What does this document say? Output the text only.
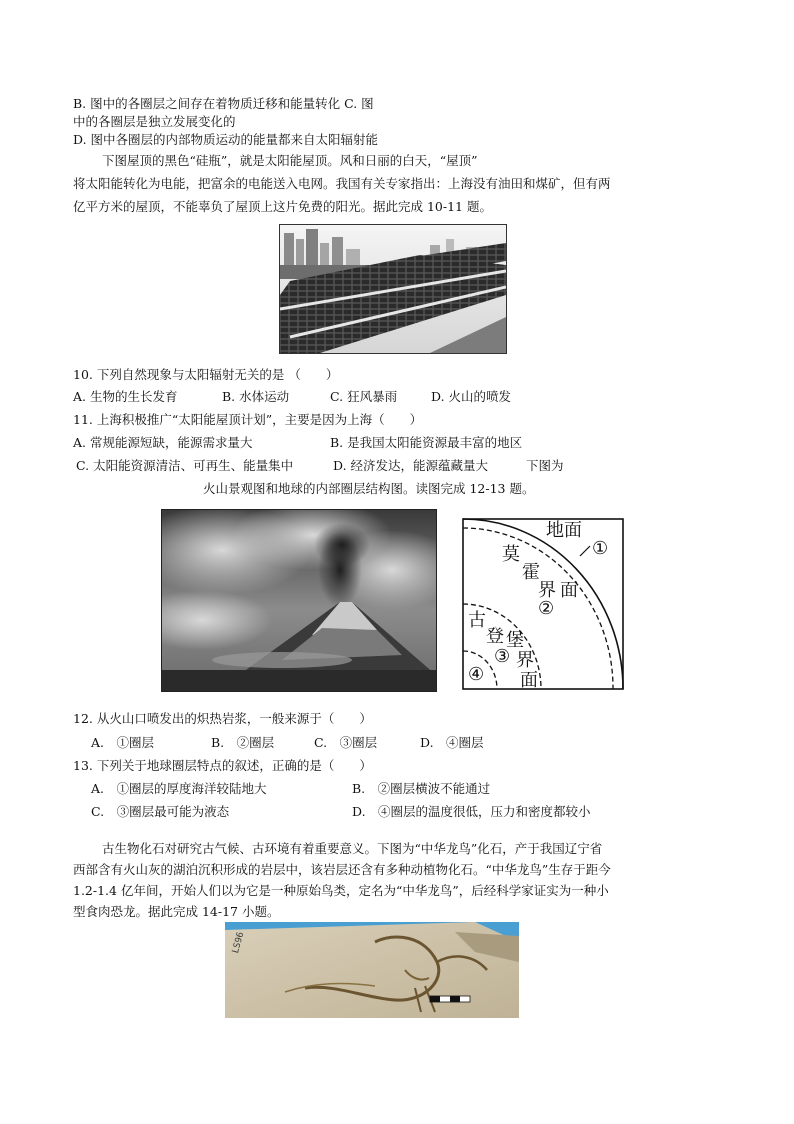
B. 图中的各圈层之间存在着物质迁移和能量转化 C. 图
中的各圈层是独立发展变化的
D. 图中各圈层的内部物质运动的能量都来自太阳辐射能
下图屋顶的黑色“硅瓶”，就是太阳能屋顶。风和日丽的白天，“屋顶”
将太阳能转化为电能，把富余的电能送入电网。我国有关专家指出：上海没有油田和煤矿，但有两
亿平方米的屋顶，不能辜负了屋顶上这片免费的阳光。据此完成 10-11 题。
10. 下列自然现象与太阳辐射无关的是 （　　）
A. 生物的生长发育	B. 水体运动	C. 狂风暴雨	D. 火山的喷发
11. 上海积极推广“太阳能屋顶计划”，主要是因为上海（　　）
A. 常规能源短缺，能源需求量大	B. 是我国太阳能资源最丰富的地区
C. 太阳能资源清洁、可再生、能量集中	D. 经济发达，能源蕴藏量大	下图为
火山景观图和地球的内部圈层结构图。读图完成 12-13 题。
地面
①
莫
霍
界 面
②
古
登 堡
界
面
③
④
12. 从火山口喷发出的炽热岩浆，一般来源于（　　）
A.　①圈层	B.　②圈层	C.　③圈层	D.　④圈层
13. 下列关于地球圈层特点的叙述，正确的是（　　）
A.　①圈层的厚度海洋较陆地大	B.　②圈层横波不能通过
C.　③圈层最可能为液态	D.　④圈层的温度很低，压力和密度都较小
古生物化石对研究古气候、古环境有着重要意义。下图为“中华龙鸟”化石，产于我国辽宁省
西部含有火山灰的湖泊沉积形成的岩层中，该岩层还含有多种动植物化石。“中华龙鸟”生存于距今
1.2-1.4 亿年间，开始人们以为它是一种原始鸟类，定名为“中华龙鸟”，后经科学家证实为一种小
型食肉恐龙。据此完成 14-17 小题。
LS96
